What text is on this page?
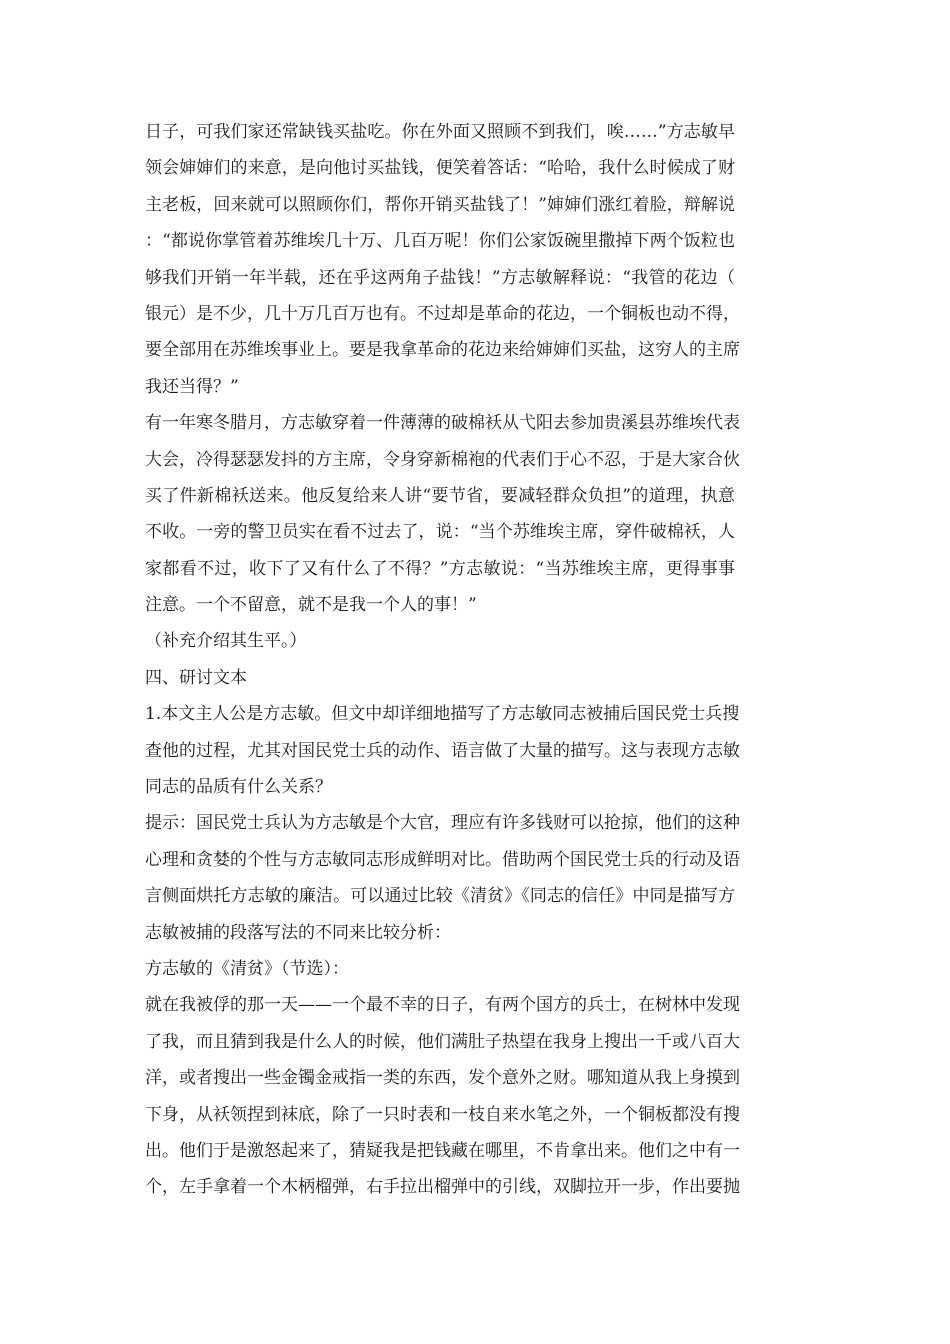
日子，可我们家还常缺钱买盐吃。你在外面又照顾不到我们，唉……”方志敏早
领会婶婶们的来意，是向他讨买盐钱，便笑着答话：“哈哈，我什么时候成了财
主老板，回来就可以照顾你们，帮你开销买盐钱了！”婶婶们涨红着脸，辩解说
：“都说你掌管着苏维埃几十万、几百万呢！你们公家饭碗里撒掉下两个饭粒也
够我们开销一年半载，还在乎这两角子盐钱！”方志敏解释说：“我管的花边（
银元）是不少，几十万几百万也有。不过却是革命的花边，一个铜板也动不得，
要全部用在苏维埃事业上。要是我拿革命的花边来给婶婶们买盐，这穷人的主席
我还当得？”
有一年寒冬腊月，方志敏穿着一件薄薄的破棉袄从弋阳去参加贵溪县苏维埃代表
大会，冷得瑟瑟发抖的方主席，令身穿新棉袍的代表们于心不忍，于是大家合伙
买了件新棉袄送来。他反复给来人讲“要节省，要减轻群众负担”的道理，执意
不收。一旁的警卫员实在看不过去了，说：“当个苏维埃主席，穿件破棉袄，人
家都看不过，收下了又有什么了不得？”方志敏说：“当苏维埃主席，更得事事
注意。一个不留意，就不是我一个人的事！”
（补充介绍其生平。）
四、研讨文本
1.本文主人公是方志敏。但文中却详细地描写了方志敏同志被捕后国民党士兵搜
查他的过程，尤其对国民党士兵的动作、语言做了大量的描写。这与表现方志敏
同志的品质有什么关系？
提示：国民党士兵认为方志敏是个大官，理应有许多钱财可以抢掠，他们的这种
心理和贪婪的个性与方志敏同志形成鲜明对比。借助两个国民党士兵的行动及语
言侧面烘托方志敏的廉洁。可以通过比较《清贫》《同志的信任》中同是描写方
志敏被捕的段落写法的不同来比较分析：
方志敏的《清贫》（节选）：
就在我被俘的那一天——一个最不幸的日子，有两个国方的兵士，在树林中发现
了我，而且猜到我是什么人的时候，他们满肚子热望在我身上搜出一千或八百大
洋，或者搜出一些金镯金戒指一类的东西，发个意外之财。哪知道从我上身摸到
下身，从袄领捏到袜底，除了一只时表和一枝自来水笔之外，一个铜板都没有搜
出。他们于是激怒起来了，猜疑我是把钱藏在哪里，不肯拿出来。他们之中有一
个，左手拿着一个木柄榴弹，右手拉出榴弹中的引线，双脚拉开一步，作出要抛
